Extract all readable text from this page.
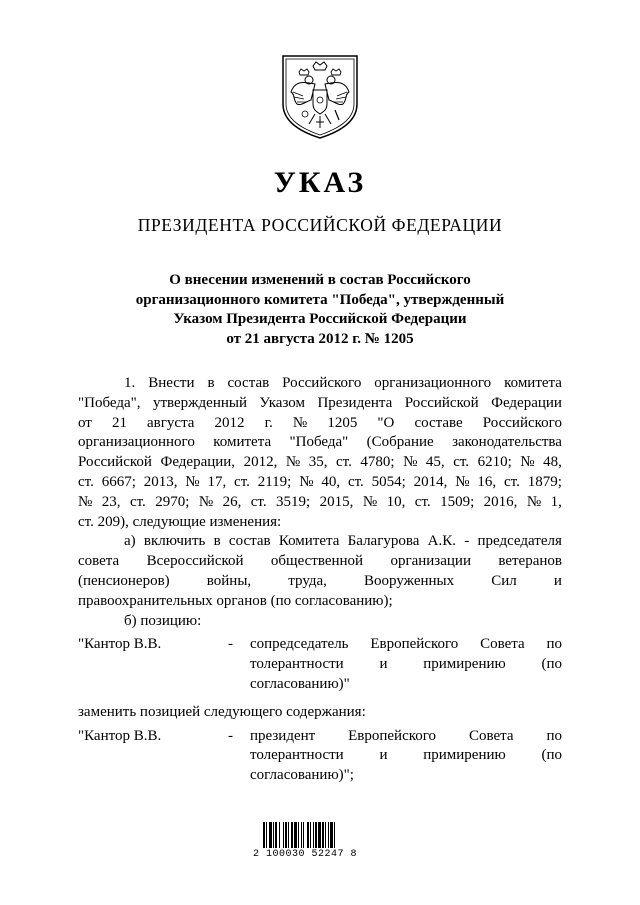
УКАЗ
ПРЕЗИДЕНТА РОССИЙСКОЙ ФЕДЕРАЦИИ
О внесении изменений в состав Российского
организационного комитета "Победа", утвержденный
Указом Президента Российской Федерации
от 21 августа 2012 г. № 1205
1. Внести в состав Российского организационного комитета
"Победа", утвержденный Указом Президента Российской Федерации
от 21 августа 2012 г. № 1205 "О составе Российского
организационного комитета "Победа" (Собрание законодательства
Российской Федерации, 2012, № 35, ст. 4780; № 45, ст. 6210; № 48,
ст. 6667; 2013, № 17, ст. 2119; № 40, ст. 5054; 2014, № 16, ст. 1879;
№ 23, ст. 2970; № 26, ст. 3519; 2015, № 10, ст. 1509; 2016, № 1,
ст. 209), следующие изменения:
а) включить в состав Комитета Балагурова А.К. - председателя
совета Всероссийской общественной организации ветеранов
(пенсионеров) войны, труда, Вооруженных Сил и
правоохранительных органов (по согласованию);
б) позицию:
"Кантор В.В.	-	сопредседатель Европейского Совета по
толерантности и примирению (по
согласованию)"
заменить позицией следующего содержания:
"Кантор В.В.	-	президент Европейского Совета по
толерантности и примирению (по
согласованию)";
2 100030 52247 8
